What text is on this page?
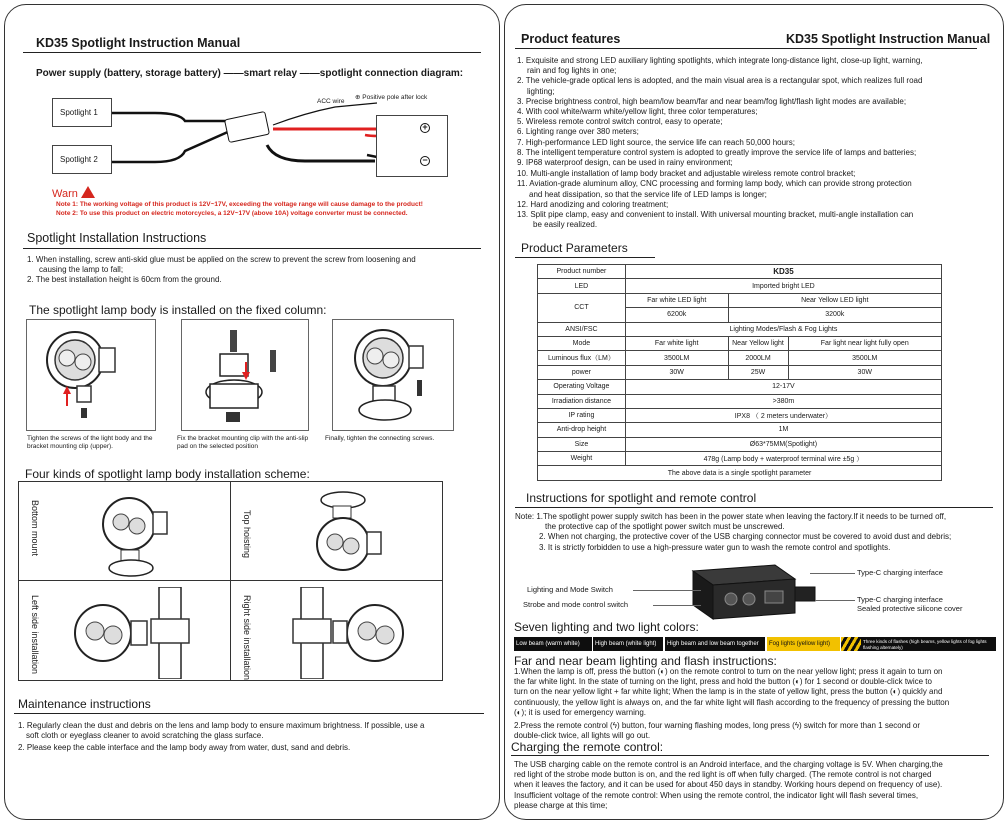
KD35 Spotlight Instruction Manual
Power supply (battery, storage battery) ——smart relay ——spotlight connection diagram:
Spotlight 1
Spotlight 2
ACC wire
⊕ Positive pole after lock
+
−
Warn
Note 1: The working voltage of this product is 12V~17V, exceeding the voltage range will cause damage to the product!
Note 2: To use this product on electric motorcycles, a 12V~17V (above 10A) voltage converter must be connected.
Spotlight Installation Instructions

1. When installing, screw anti-skid glue must be applied on the screw to prevent the screw from loosening and

causing the lamp to fall;

2. The best installation height is 60cm from the ground.

The spotlight lamp body is installed on the fixed column:
Tighten the screws of the light body and the bracket mounting clip (upper).
Fix the bracket mounting clip with the anti-slip pad on the selected position
Finally, tighten the connecting screws.
Four kinds of spotlight lamp body installation scheme:
Bottom mount	Top hoisting
Left side installation	Right side installation
Maintenance instructions

1. Regularly clean the dust and debris on the lens and lamp body to ensure maximum brightness. If possible, use a

soft cloth or eyeglass cleaner to avoid scratching the glass surface.

2. Please keep the cable interface and the lamp body away from water, dust, sand and debris.

Product features	KD35 Spotlight Instruction Manual

1. Exquisite and strong LED auxiliary lighting spotlights, which integrate long-distance light, close-up light, warning,

rain and fog lights in one;

2. The vehicle-grade optical lens is adopted, and the main visual area is a rectangular spot, which realizes full road

lighting;

3. Precise brightness control, high beam/low beam/far and near beam/fog light/flash light modes are available;

4. With cool white/warm white/yellow light, three color temperatures;

5. Wireless remote control switch control, easy to operate;

6. Lighting range over 380 meters;

7. High-performance LED light source, the service life can reach 50,000 hours;

8. The intelligent temperature control system is adopted to greatly improve the service life of lamps and batteries;

9. IP68 waterproof design, can be used in rainy environment;

10. Multi-angle installation of lamp body bracket and adjustable wireless remote control bracket;

11. Aviation-grade aluminum alloy, CNC processing and forming lamp body, which can provide strong protection

and heat dissipation, so that the service life of LED lamps is longer;

12. Hard anodizing and coloring treatment;

13. Split pipe clamp, easy and convenient to install. With universal mounting bracket, multi-angle installation can

be easily realized.

Product Parameters
Product number	KD35		
LED	Imported bright LED		
CCT	Far white LED light	Near Yellow LED light	
	6200k	3200k	
ANSI/FSC	Lighting Modes/Flash & Fog Lights		
Mode	Far white light	Near Yellow light	Far light near light fully open
Luminous flux（LM）	3500LM	2000LM	3500LM
power	30W	25W	30W
Operating Voltage	12-17V		
Irradiation distance	>380m		
IP rating	IPX8 （ 2 meters underwater）		
Anti-drop height	1M		
Size	Ø63*75MM(Spotlight)		
Weight	478g (Lamp body + waterproof terminal wire ±5g ）		
The above data is a single spotlight parameter			
Instructions for spotlight and remote control

Note: 1.The spotlight power supply switch has been in the power state when leaving the factory.If it needs to be turned off,

the protective cap of the spotlight power switch must be unscrewed.

2. When not charging, the protective cover of the USB charging connector must be covered to avoid dust and debris;

3. It is strictly forbidden to use a high-pressure water gun to wash the remote control and spotlights.

Lighting and Mode Switch
Strobe and mode control switch
Type-C charging interface
Type-C charging interface
Sealed protective silicone cover
Seven lighting and two light colors:
Low beam (warm white)	High beam (white light)	High beam and low beam together	Fog lights (yellow light)	Three kinds of flashes (high beams, yellow lights of fog lights flashing alternately)
Far and near beam lighting and flash instructions:

1.When the lamp is off, press the button (◐) on the remote control to turn on the near yellow light; press it again to turn on

the far white light. In the state of turning on the light, press and hold the button (◐) for 1 second or double-click twice to

turn on the near yellow light + far white light; When the lamp is in the state of yellow light, press the button (◐) quickly and

continuously, the yellow light is always on, and the far white light will flash according to the frequency of pressing the button

(◐); it is used for emergency warning.

2.Press the remote control (ϟ) button, four warning flashing modes, long press (ϟ) switch for more than 1 second or

double-click twice, all lights will go out.

Charging the remote control:

The USB charging cable on the remote control is an Android interface, and the charging voltage is 5V. When charging,the

red light of the strobe mode button is on, and the red light is off when fully charged. (The remote control is not charged

when it leaves the factory, and it can be used for about 450 days in standby. Working hours depend on frequency of use).

Insufficient voltage of the remote control: When using the remote control, the indicator light will flash several times,

please charge at this time;
